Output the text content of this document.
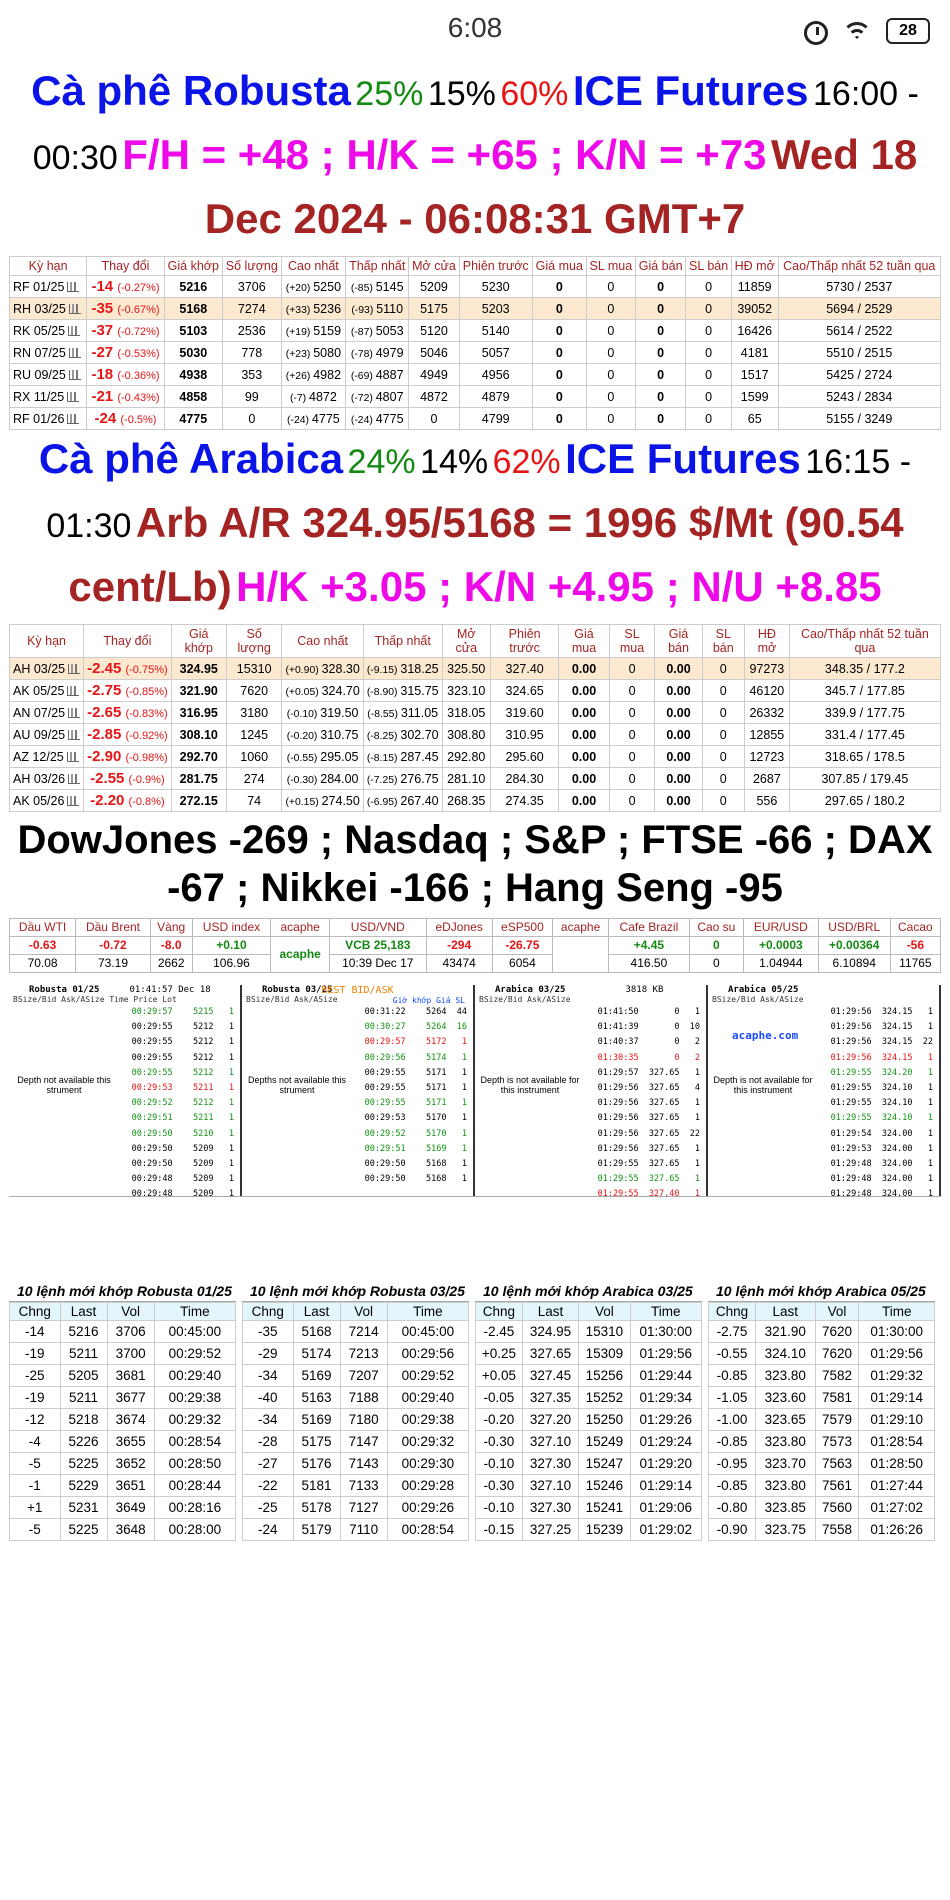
6:08	28
Cà phê Robusta 25% 15% 60% ICE Futures 16:00 - 00:30 F/H = +48 ; H/K = +65 ; K/N = +73 Wed 18 Dec 2024 - 06:08:31 GMT+7
Kỳ hạn	Thay đổi	Giá khớp	Số lượng	Cao nhất	Thấp nhất	Mở cửa	Phiên trước	Giá mua	SL mua	Giá bán	SL bán	HĐ mở	Cao/Thấp nhất 52 tuần qua
RF 01/25	-14 (-0.27%)	5216	3706	(+20) 5250	(-85) 5145	5209	5230	0	0	0	0	11859	5730 / 2537
RH 03/25	-35 (-0.67%)	5168	7274	(+33) 5236	(-93) 5110	5175	5203	0	0	0	0	39052	5694 / 2529
RK 05/25	-37 (-0.72%)	5103	2536	(+19) 5159	(-87) 5053	5120	5140	0	0	0	0	16426	5614 / 2522
RN 07/25	-27 (-0.53%)	5030	778	(+23) 5080	(-78) 4979	5046	5057	0	0	0	0	4181	5510 / 2515
RU 09/25	-18 (-0.36%)	4938	353	(+26) 4982	(-69) 4887	4949	4956	0	0	0	0	1517	5425 / 2724
RX 11/25	-21 (-0.43%)	4858	99	(-7) 4872	(-72) 4807	4872	4879	0	0	0	0	1599	5243 / 2834
RF 01/26	-24 (-0.5%)	4775	0	(-24) 4775	(-24) 4775	0	4799	0	0	0	0	65	5155 / 3249
Cà phê Arabica 24% 14% 62% ICE Futures 16:15 - 01:30 Arb A/R 324.95/5168 = 1996 $/Mt (90.54 cent/Lb) H/K +3.05 ; K/N +4.95 ; N/U +8.85
Kỳ hạn	Thay đổi	Giá khớp	Số lượng	Cao nhất	Thấp nhất	Mở cửa	Phiên trước	Giá mua	SL mua	Giá bán	SL bán	HĐ mở	Cao/Thấp nhất 52 tuần qua
AH 03/25	-2.45 (-0.75%)	324.95	15310	(+0.90) 328.30	(-9.15) 318.25	325.50	327.40	0.00	0	0.00	0	97273	348.35 / 177.2
AK 05/25	-2.75 (-0.85%)	321.90	7620	(+0.05) 324.70	(-8.90) 315.75	323.10	324.65	0.00	0	0.00	0	46120	345.7 / 177.85
AN 07/25	-2.65 (-0.83%)	316.95	3180	(-0.10) 319.50	(-8.55) 311.05	318.05	319.60	0.00	0	0.00	0	26332	339.9 / 177.75
AU 09/25	-2.85 (-0.92%)	308.10	1245	(-0.20) 310.75	(-8.25) 302.70	308.80	310.95	0.00	0	0.00	0	12855	331.4 / 177.45
AZ 12/25	-2.90 (-0.98%)	292.70	1060	(-0.55) 295.05	(-8.15) 287.45	292.80	295.60	0.00	0	0.00	0	12723	318.65 / 178.5
AH 03/26	-2.55 (-0.9%)	281.75	274	(-0.30) 284.00	(-7.25) 276.75	281.10	284.30	0.00	0	0.00	0	2687	307.85 / 179.45
AK 05/26	-2.20 (-0.8%)	272.15	74	(+0.15) 274.50	(-6.95) 267.40	268.35	274.35	0.00	0	0.00	0	556	297.65 / 180.2
DowJones -269 ; Nasdaq ; S&P ; FTSE -66 ; DAX -67 ; Nikkei -166 ; Hang Seng -95
Dầu WTI	Dầu Brent	Vàng	USD index	acaphe	USD/VND	eDJones	eSP500	acaphe	Cafe Brazil	Cao su	EUR/USD	USD/BRL	Cacao
-0.63	-0.72	-8.0	+0.10	acaphe	VCB 25,183	-294	-26.75		+4.45	0	+0.0003	+0.00364	-56
70.08	73.19	2662	106.96		10:39 Dec 17	43474	6054		416.50	0	1.04944	6.10894	11765
Robusta 01/25	01:41:57 Dec 18
BSize/Bid Ask/ASize Time Price Lot
Depth not available this strument
00:29:57    5215   1
00:29:55    5212   1
00:29:55    5212   1
00:29:55    5212   1
00:29:55    5212   1
00:29:53    5211   1
00:29:52    5212   1
00:29:51    5211   1
00:29:50    5210   1
00:29:50    5209   1
00:29:50    5209   1
00:29:48    5209   1
00:29:48    5209   1
BEST BID/ASK
Robusta 03/25
BSize/Bid Ask/ASize	Giờ khớp Giá SL
Depths not available this strument
00:31:22    5264  44
00:30:27    5264  16
00:29:57    5172   1
00:29:56    5174   1
00:29:55    5171   1
00:29:55    5171   1
00:29:55    5171   1
00:29:53    5170   1
00:29:52    5170   1
00:29:51    5169   1
00:29:50    5168   1
00:29:50    5168   1
Arabica 03/25	3818 KB
BSize/Bid Ask/ASize
Depth is not available for this instrument
01:41:50       0   1
01:41:39       0  10
01:40:37       0   2
01:30:35       0   2
01:29:57  327.65   1
01:29:56  327.65   4
01:29:56  327.65   1
01:29:56  327.65   1
01:29:56  327.65  22
01:29:56  327.65   1
01:29:55  327.65   1
01:29:55  327.65   1
01:29:55  327.40   1
Arabica 05/25
BSize/Bid Ask/ASize
acaphe.com
Depth is not available for this instrument
01:29:56  324.15   1
01:29:56  324.15   1
01:29:56  324.15  22
01:29:56  324.15   1
01:29:55  324.20   1
01:29:55  324.10   1
01:29:55  324.10   1
01:29:55  324.10   1
01:29:54  324.00   1
01:29:53  324.00   1
01:29:48  324.00   1
01:29:48  324.00   1
01:29:48  324.00   1
10 lệnh mới khớp Robusta 01/25
Chng	Last	Vol	Time
-14	5216	3706	00:45:00
-19	5211	3700	00:29:52
-25	5205	3681	00:29:40
-19	5211	3677	00:29:38
-12	5218	3674	00:29:32
-4	5226	3655	00:28:54
-5	5225	3652	00:28:50
-1	5229	3651	00:28:44
+1	5231	3649	00:28:16
-5	5225	3648	00:28:00
10 lệnh mới khớp Robusta 03/25
Chng	Last	Vol	Time
-35	5168	7214	00:45:00
-29	5174	7213	00:29:56
-34	5169	7207	00:29:52
-40	5163	7188	00:29:40
-34	5169	7180	00:29:38
-28	5175	7147	00:29:32
-27	5176	7143	00:29:30
-22	5181	7133	00:29:28
-25	5178	7127	00:29:26
-24	5179	7110	00:28:54
10 lệnh mới khớp Arabica 03/25
Chng	Last	Vol	Time
-2.45	324.95	15310	01:30:00
+0.25	327.65	15309	01:29:56
+0.05	327.45	15256	01:29:44
-0.05	327.35	15252	01:29:34
-0.20	327.20	15250	01:29:26
-0.30	327.10	15249	01:29:24
-0.10	327.30	15247	01:29:20
-0.30	327.10	15246	01:29:14
-0.10	327.30	15241	01:29:06
-0.15	327.25	15239	01:29:02
10 lệnh mới khớp Arabica 05/25
Chng	Last	Vol	Time
-2.75	321.90	7620	01:30:00
-0.55	324.10	7620	01:29:56
-0.85	323.80	7582	01:29:32
-1.05	323.60	7581	01:29:14
-1.00	323.65	7579	01:29:10
-0.85	323.80	7573	01:28:54
-0.95	323.70	7563	01:28:50
-0.85	323.80	7561	01:27:44
-0.80	323.85	7560	01:27:02
-0.90	323.75	7558	01:26:26
